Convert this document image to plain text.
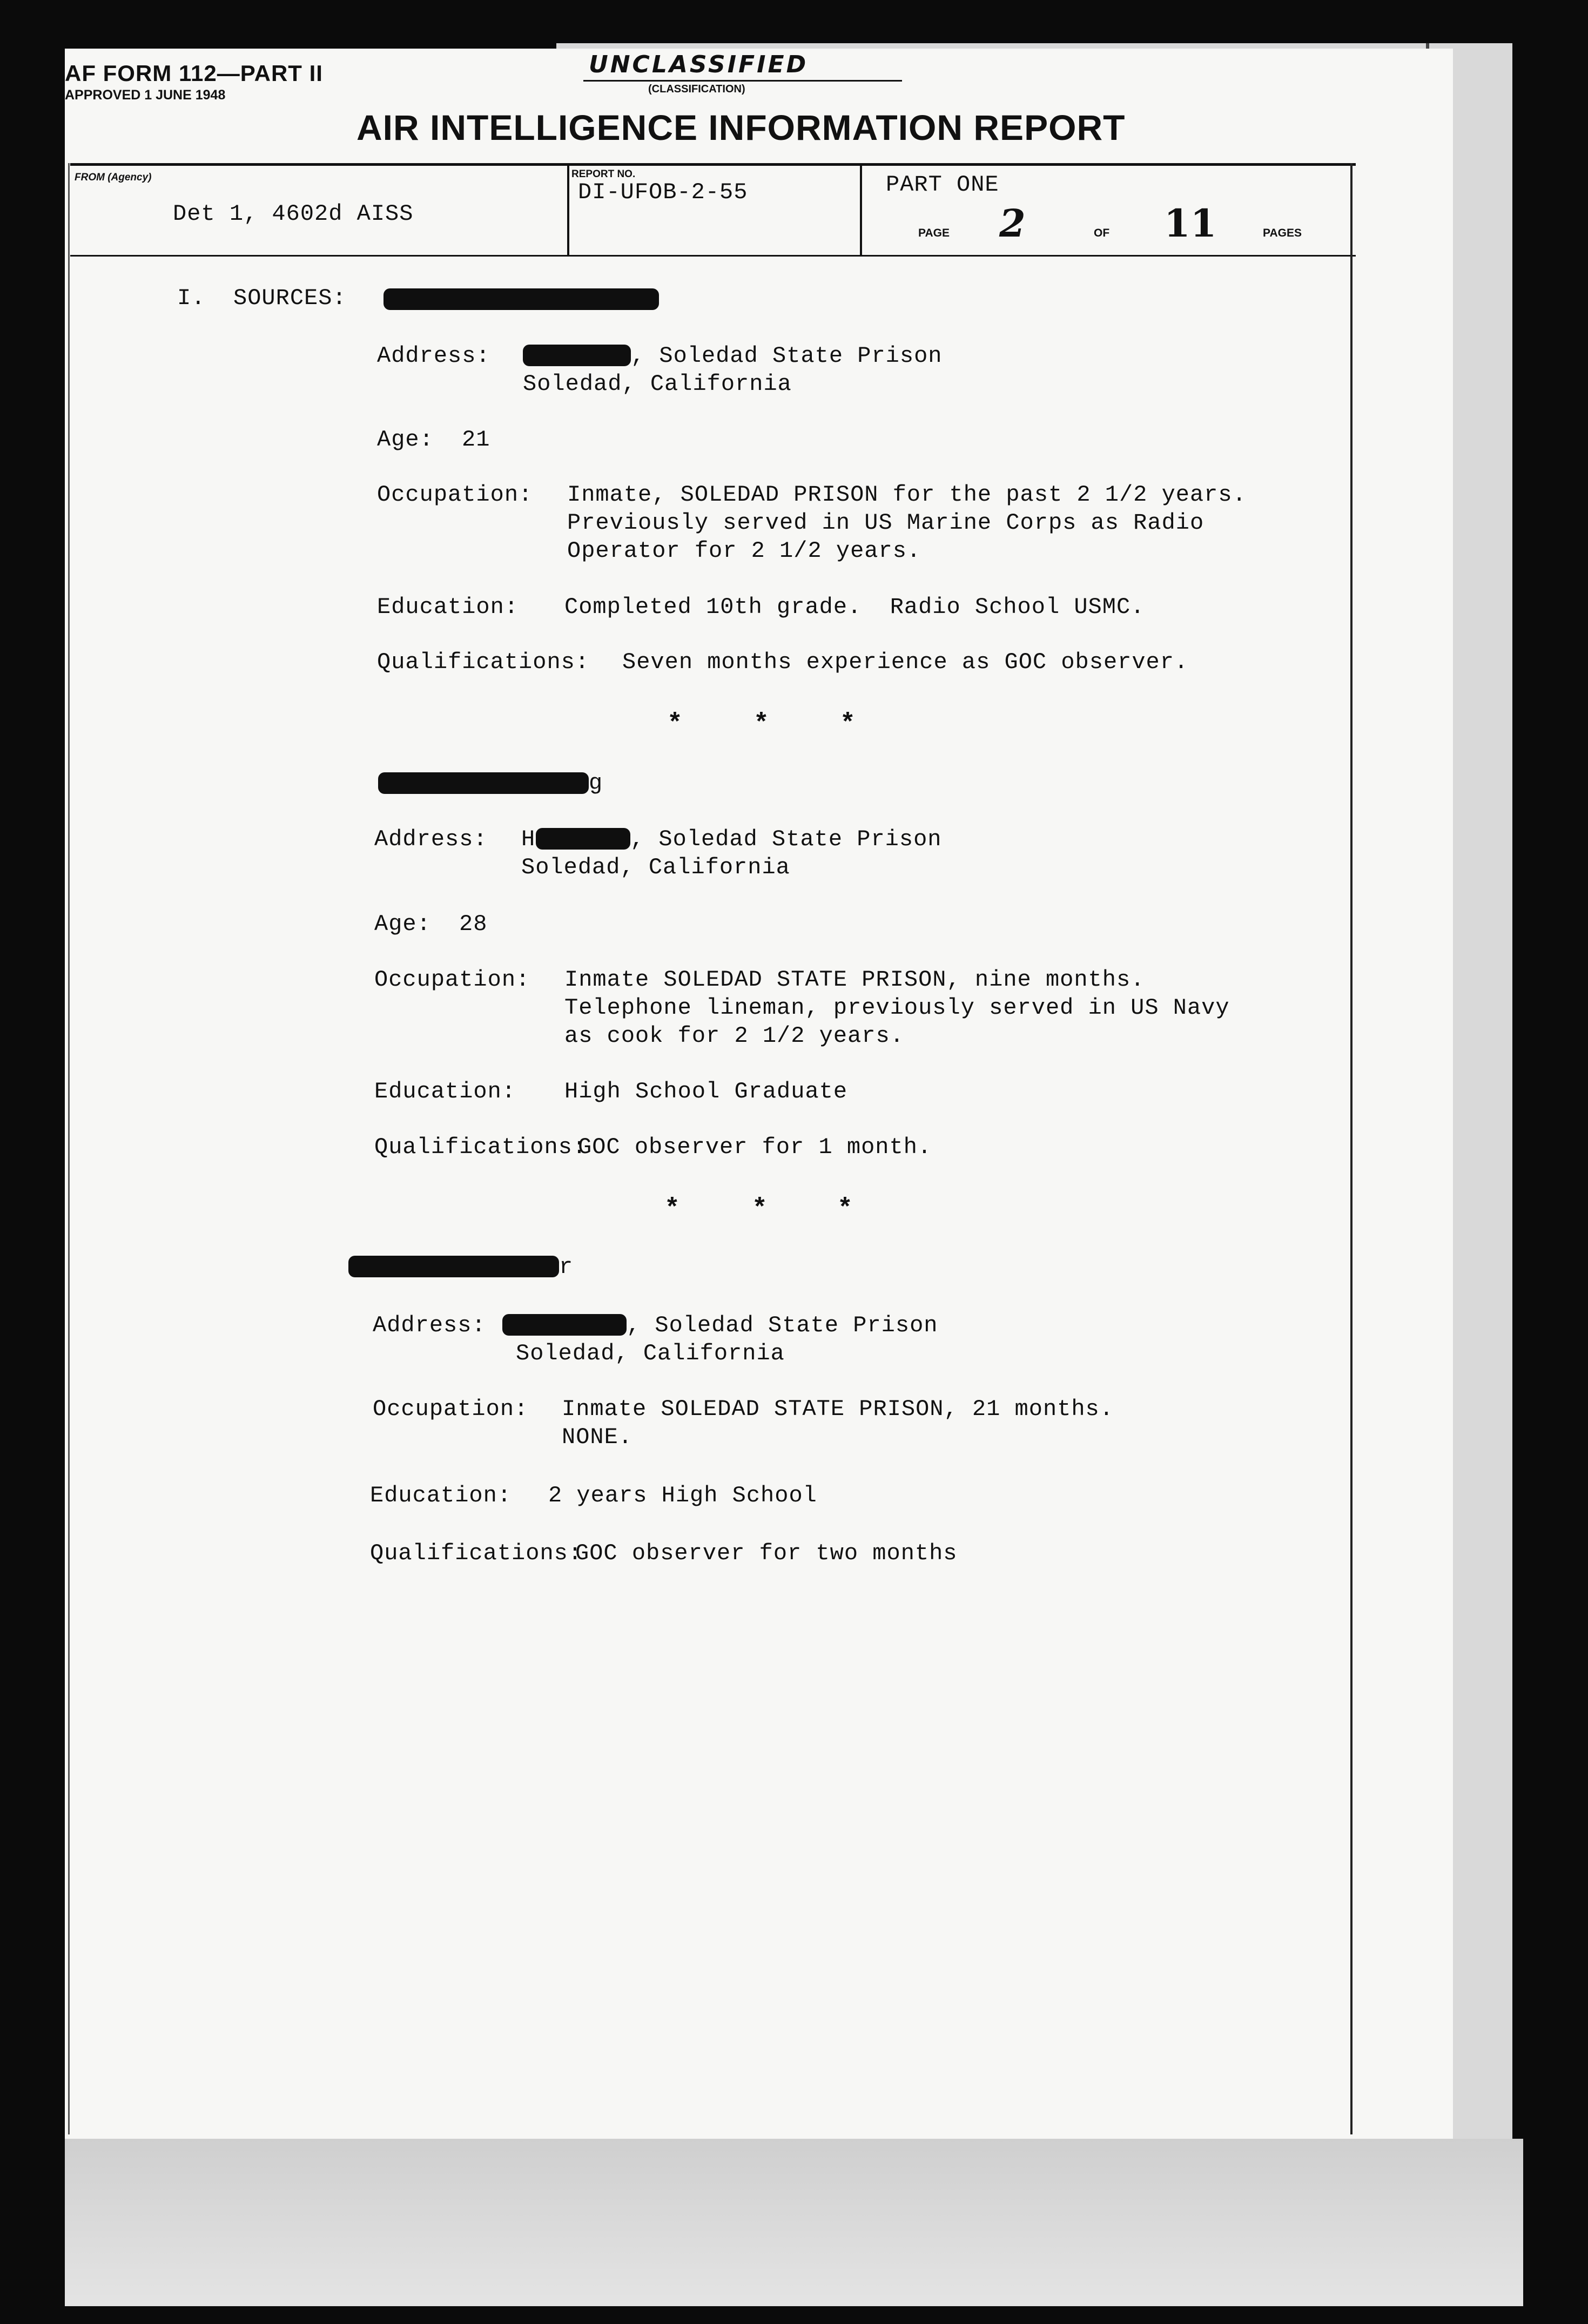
AF FORM 112—PART II
APPROVED 1 JUNE 1948
UNCLASSIFIED
(CLASSIFICATION)
AIR INTELLIGENCE INFORMATION REPORT
FROM (Agency)
Det 1, 4602d AISS
REPORT NO.
DI-UFOB-2-55	PART ONE
PAGE 2	OF 11	PAGES
I. SOURCES:
Address:	, Soledad State Prison
Soledad, California
Age: 21
Occupation: Inmate, SOLEDAD PRISON for the past 2 1/2 years.
Previously served in US Marine Corps as Radio
Operator for 2 1/2 years.
Education: Completed 10th grade.  Radio School USMC.
Qualifications: Seven months experience as GOC observer.
*	*	*
g
Address: H	, Soledad State Prison
Soledad, California
Age: 28
Occupation: Inmate SOLEDAD STATE PRISON, nine months.
Telephone lineman, previously served in US Navy
as cook for 2 1/2 years.
Education: High School Graduate
Qualifications:
GOC observer for 1 month.
*	*	*
r
Address:	, Soledad State Prison
Soledad, California
Occupation: Inmate SOLEDAD STATE PRISON, 21 months.
NONE.
Education: 2 years High School
Qualifications:
GOC observer for two months
